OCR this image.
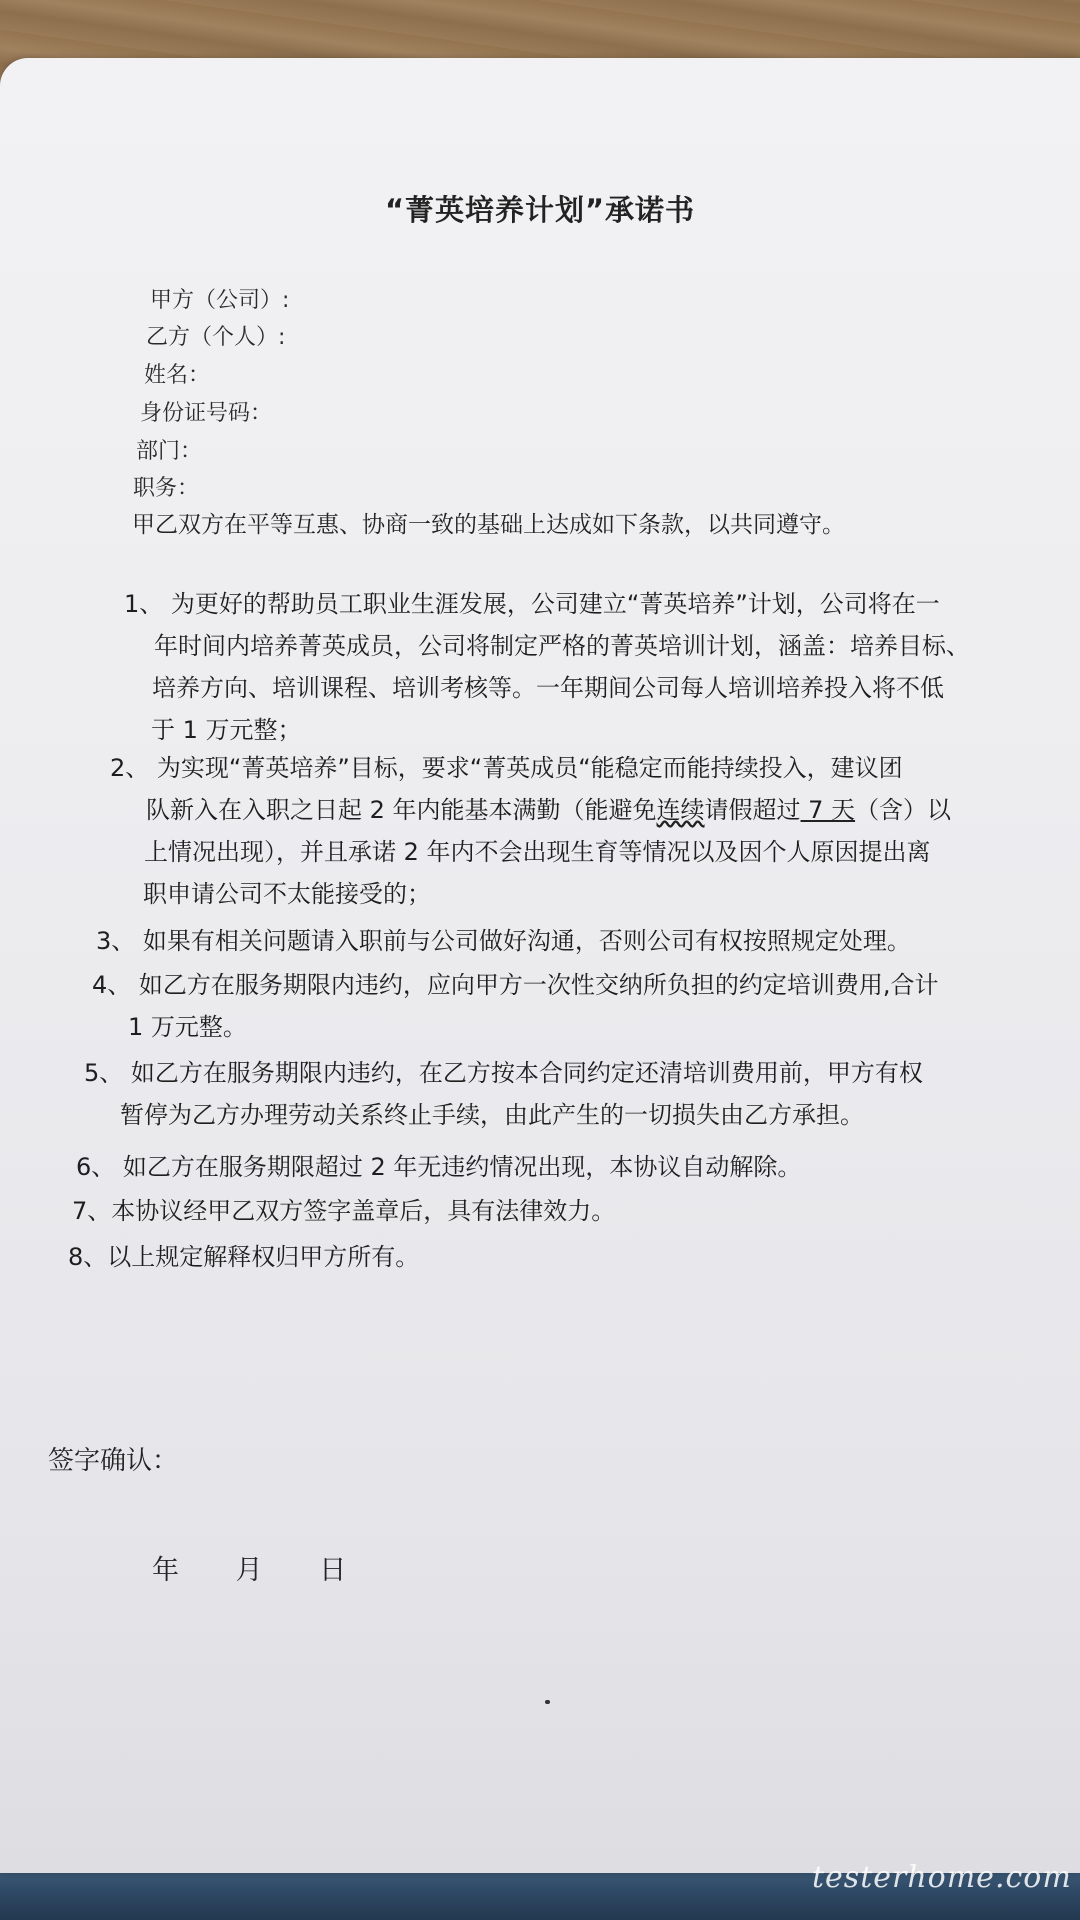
“菁英培养计划”承诺书
甲方（公司）:
乙方（个人）:
姓名：
身份证号码：
部门：
职务：
甲乙双方在平等互惠、协商一致的基础上达成如下条款，以共同遵守。
1、 为更好的帮助员工职业生涯发展，公司建立“菁英培养”计划，公司将在一
年时间内培养菁英成员，公司将制定严格的菁英培训计划，涵盖：培养目标、
培养方向、培训课程、培训考核等。一年期间公司每人培训培养投入将不低
于 1 万元整；
2、 为实现“菁英培养”目标，要求“菁英成员“能稳定而能持续投入，建议团
队新入在入职之日起 2 年内能基本满勤（能避免连续请假超过 7 天（含）以
上情况出现），并且承诺 2 年内不会出现生育等情况以及因个人原因提出离
职申请公司不太能接受的；
3、 如果有相关问题请入职前与公司做好沟通，否则公司有权按照规定处理。
4、 如乙方在服务期限内违约，应向甲方一次性交纳所负担的约定培训费用,合计
1 万元整。
5、 如乙方在服务期限内违约，在乙方按本合同约定还清培训费用前，甲方有权
暂停为乙方办理劳动关系终止手续，由此产生的一切损失由乙方承担。
6、 如乙方在服务期限超过 2 年无违约情况出现，本协议自动解除。
7、本协议经甲乙双方签字盖章后，具有法律效力。
8、以上规定解释权归甲方所有。
签字确认：
年 月 日
testerhome.com
